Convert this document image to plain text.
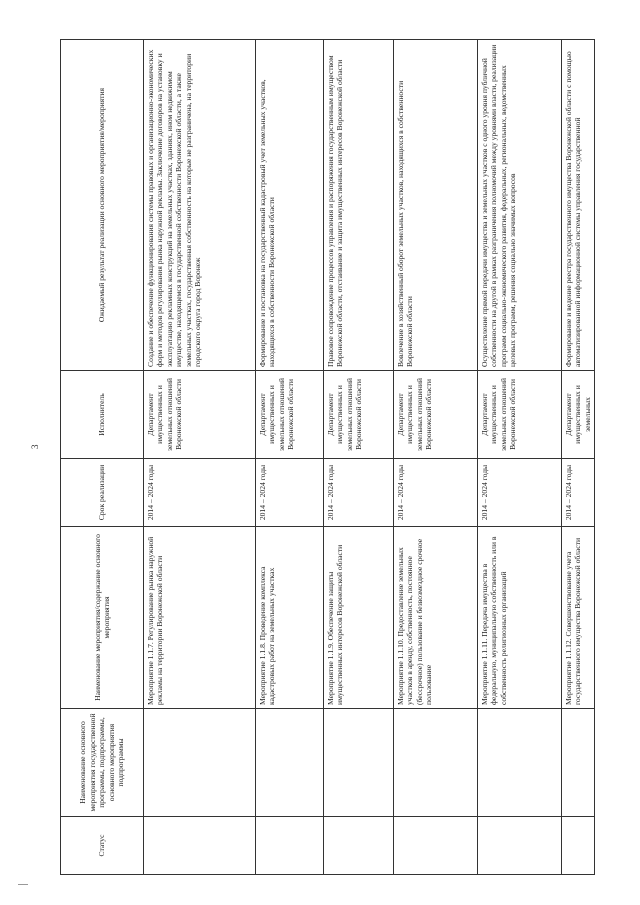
3
Статус	Наименование основного мероприятия государственной программы, подпрограммы, основного мероприятия подпрограммы	Наименование мероприятия/содержание основного мероприятия	Срок реализации	Исполнитель	Ожидаемый результат реализации основного мероприятия/мероприятия
		Мероприятие 1.1.7. Регулирование рынка наружной рекламы на территории Воронежской области	2014 – 2024 годы	Департамент имущественных и земельных отношений Воронежской области	Создание и обеспечение функционирования системы правовых и организационно-экономических форм и методов регулирования рынка наружной рекламы. Заключение договоров на установку и эксплуатацию рекламных конструкций на земельных участках, зданиях, ином недвижимом имуществе, находящемся в государственной собственности Воронежской области, а также земельных участках, государственная собственность на которые не разграничена, на территории городского округа город Воронеж
		Мероприятие 1.1.8. Проведение комплекса кадастровых работ на земельных участках	2014 – 2024 годы	Департамент имущественных и земельных отношений Воронежской области	Формирование и постановка на государственный кадастровый учет земельных участков, находящихся в собственности Воронежской области
		Мероприятие 1.1.9. Обеспечение защиты имущественных интересов Воронежской области	2014 – 2024 годы	Департамент имущественных и земельных отношений Воронежской области	Правовое сопровождение процессов управления и распоряжения государственным имуществом Воронежской области, отстаивание и защита имущественных интересов Воронежской области
		Мероприятие 1.1.10. Предоставление земельных участков в аренду, собственность, постоянное (бессрочное) пользование и безвозмездное срочное пользование	2014 – 2024 годы	Департамент имущественных и земельных отношений Воронежской области	Вовлечение в хозяйственный оборот земельных участков, находящихся в собственности Воронежской области
		Мероприятие 1.1.11. Передача имущества в федеральную, муниципальную собственность или в собственность религиозных организаций	2014 – 2024 годы	Департамент имущественных и земельных отношений Воронежской области	Осуществление прямой передачи имущества и земельных участков с одного уровня публичной собственности на другой в рамках разграничения полномочий между уровнями власти, реализации программ социально-экономического развития, федеральных, региональных, ведомственных целевых программ, решения социально значимых вопросов
		Мероприятие 1.1.12. Совершенствование учета государственного имущества Воронежской области	2014 – 2024 годы	Департамент имущественных и земельных	Формирование и ведение реестра государственного имущества Воронежской области с помощью автоматизированной информационной системы управления государственной
